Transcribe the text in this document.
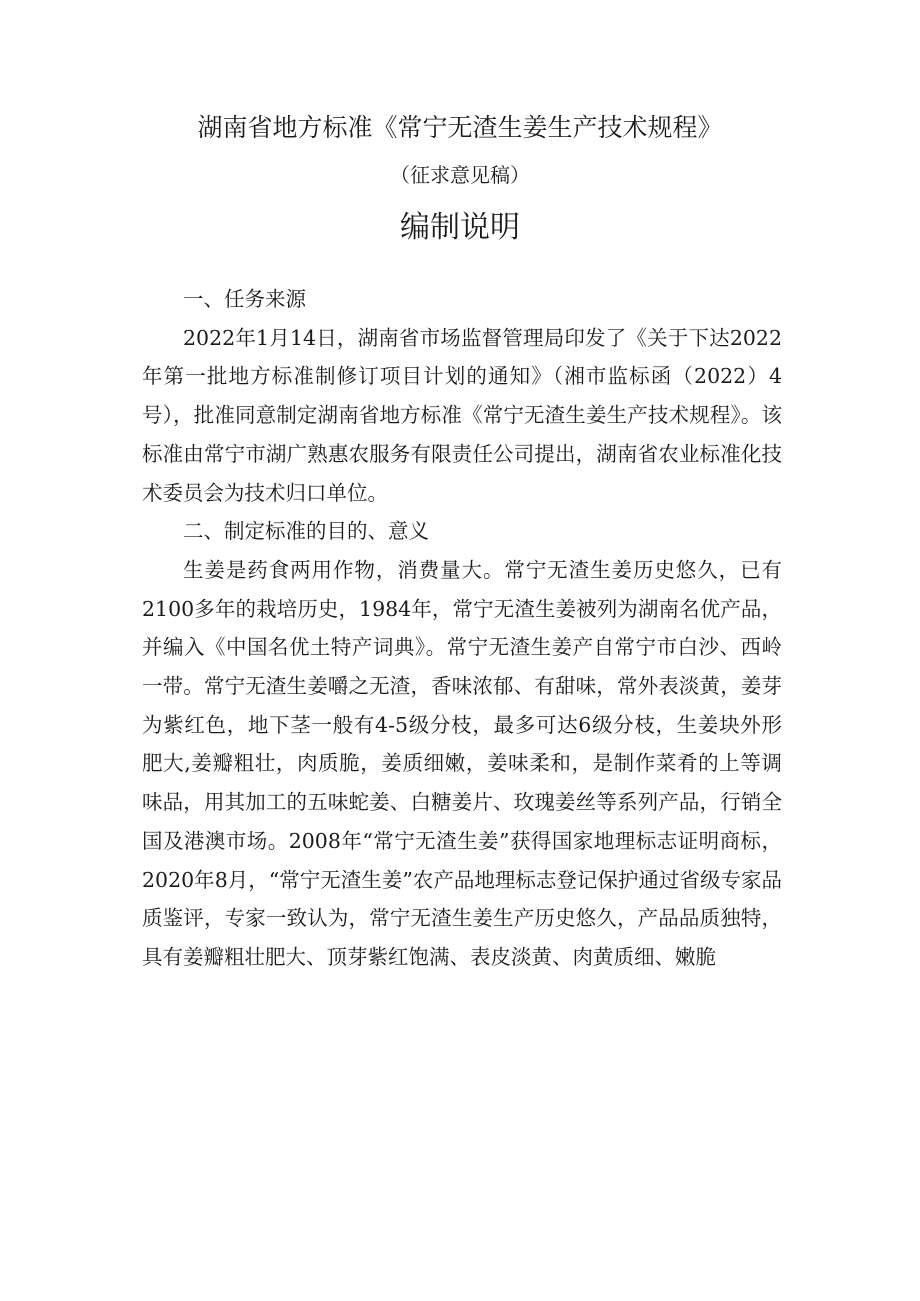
湖南省地方标准《常宁无渣生姜生产技术规程》
（征求意见稿）
编制说明

一、任务来源

2022年1月14日，湖南省市场监督管理局印发了《关于下达2022年第一批地方标准制修订项目计划的通知》（湘市监标函（2022）4号），批准同意制定湖南省地方标准《常宁无渣生姜生产技术规程》。该标准由常宁市湖广熟惠农服务有限责任公司提出，湖南省农业标准化技术委员会为技术归口单位。

二、制定标准的目的、意义

生姜是药食两用作物，消费量大。常宁无渣生姜历史悠久，已有2100多年的栽培历史，1984年，常宁无渣生姜被列为湖南名优产品，并编入《中国名优土特产词典》。常宁无渣生姜产自常宁市白沙、西岭一带。常宁无渣生姜嚼之无渣，香味浓郁、有甜味，常外表淡黄，姜芽为紫红色，地下茎一般有4-5级分枝，最多可达6级分枝，生姜块外形肥大,姜瓣粗壮，肉质脆，姜质细嫩，姜味柔和，是制作菜肴的上等调味品，用其加工的五味蛇姜、白糖姜片、玫瑰姜丝等系列产品，行销全国及港澳市场。2008年“常宁无渣生姜”获得国家地理标志证明商标，2020年8月，“常宁无渣生姜”农产品地理标志登记保护通过省级专家品质鉴评，专家一致认为，常宁无渣生姜生产历史悠久，产品品质独特，具有姜瓣粗壮肥大、顶芽紫红饱满、表皮淡黄、肉黄质细、嫩脆
